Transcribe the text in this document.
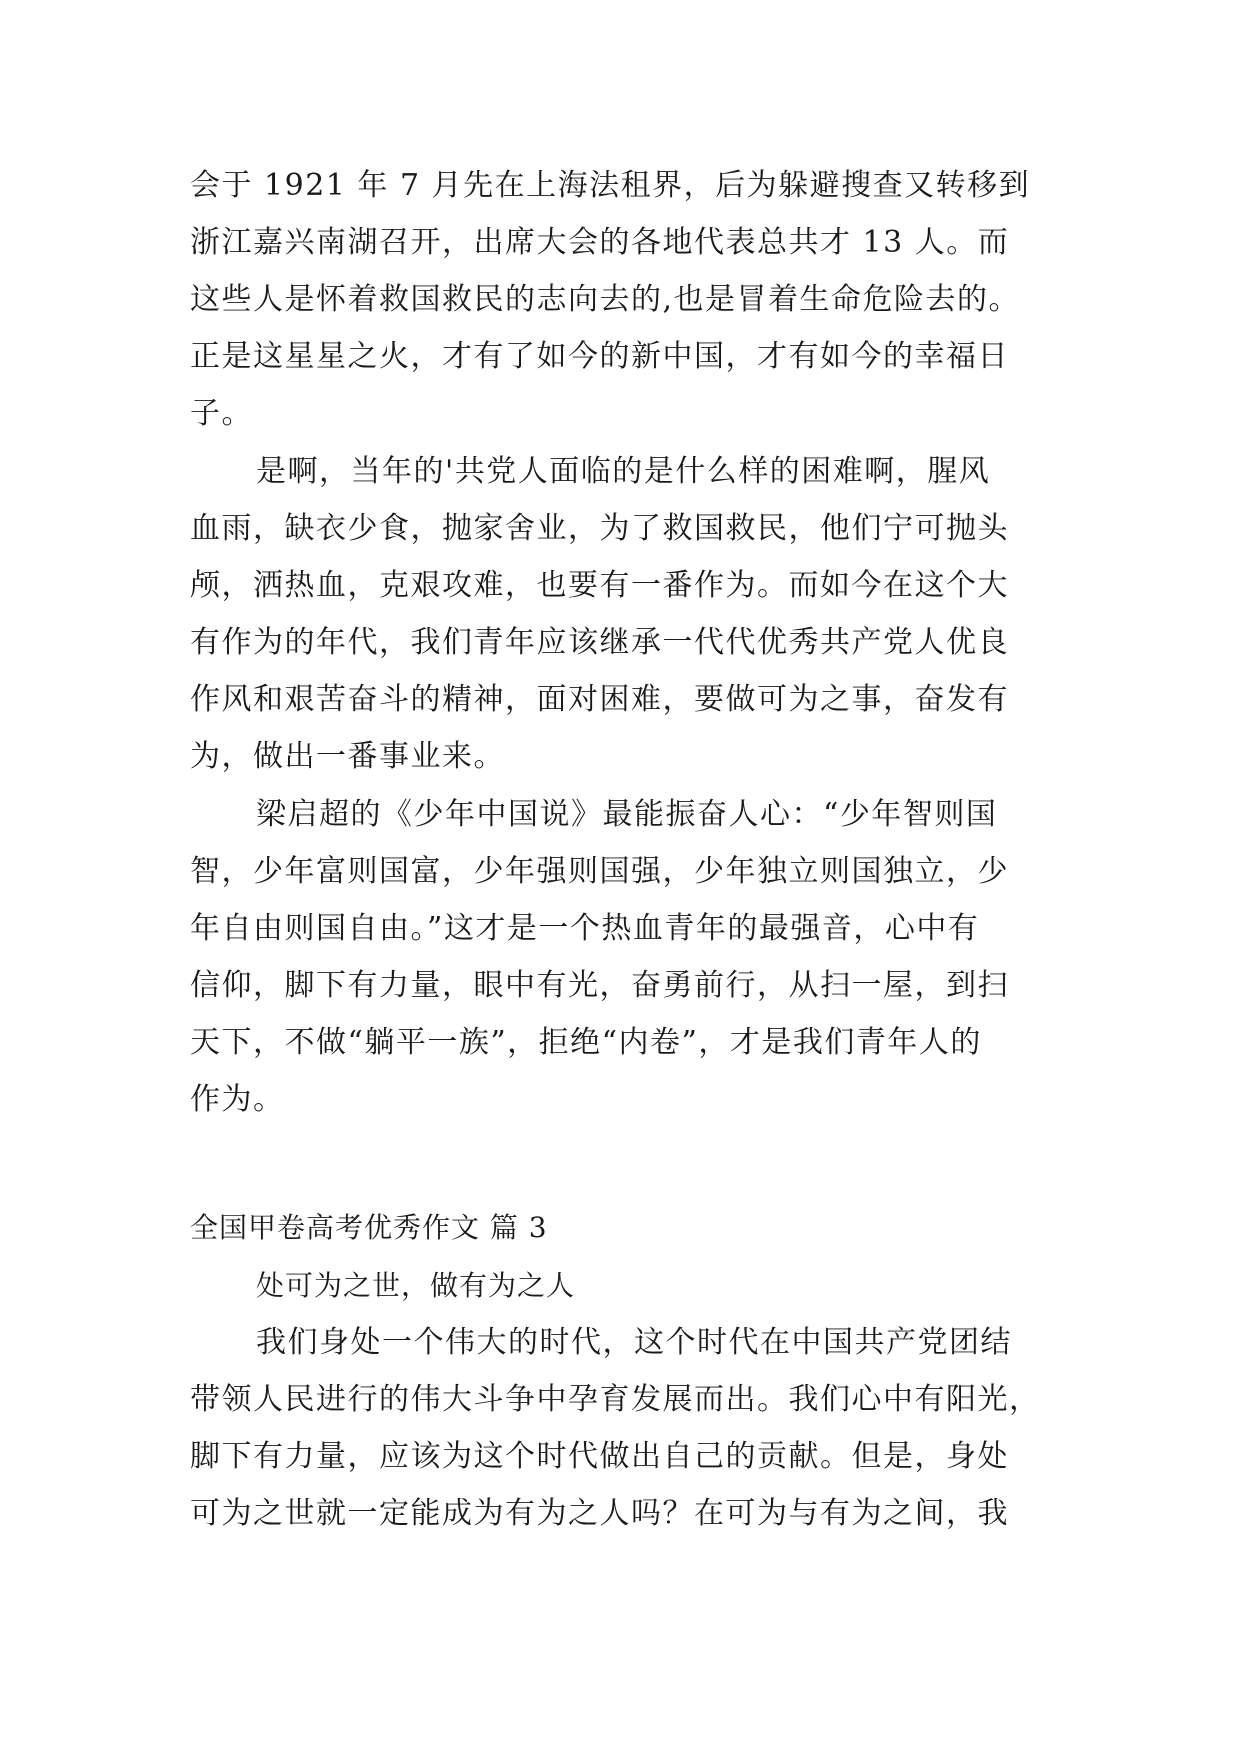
会于 1921 年 7 月先在上海法租界，后为躲避搜查又转移到
浙江嘉兴南湖召开，出席大会的各地代表总共才 13 人。而
这些人是怀着救国救民的志向去的,也是冒着生命危险去的。
正是这星星之火，才有了如今的新中国，才有如今的幸福日
子。
是啊，当年的'共党人面临的是什么样的困难啊，腥风
血雨，缺衣少食，抛家舍业，为了救国救民，他们宁可抛头
颅，洒热血，克艰攻难，也要有一番作为。而如今在这个大
有作为的年代，我们青年应该继承一代代优秀共产党人优良
作风和艰苦奋斗的精神，面对困难，要做可为之事，奋发有
为，做出一番事业来。
梁启超的《少年中国说》最能振奋人心：“少年智则国
智，少年富则国富，少年强则国强，少年独立则国独立，少
年自由则国自由。”这才是一个热血青年的最强音，心中有
信仰，脚下有力量，眼中有光，奋勇前行，从扫一屋，到扫
天下，不做“躺平一族”，拒绝“内卷”，才是我们青年人的
作为。
全国甲卷高考优秀作文 篇 3
处可为之世，做有为之人
我们身处一个伟大的时代，这个时代在中国共产党团结
带领人民进行的伟大斗争中孕育发展而出。我们心中有阳光，
脚下有力量，应该为这个时代做出自己的贡献。但是，身处
可为之世就一定能成为有为之人吗？在可为与有为之间，我
